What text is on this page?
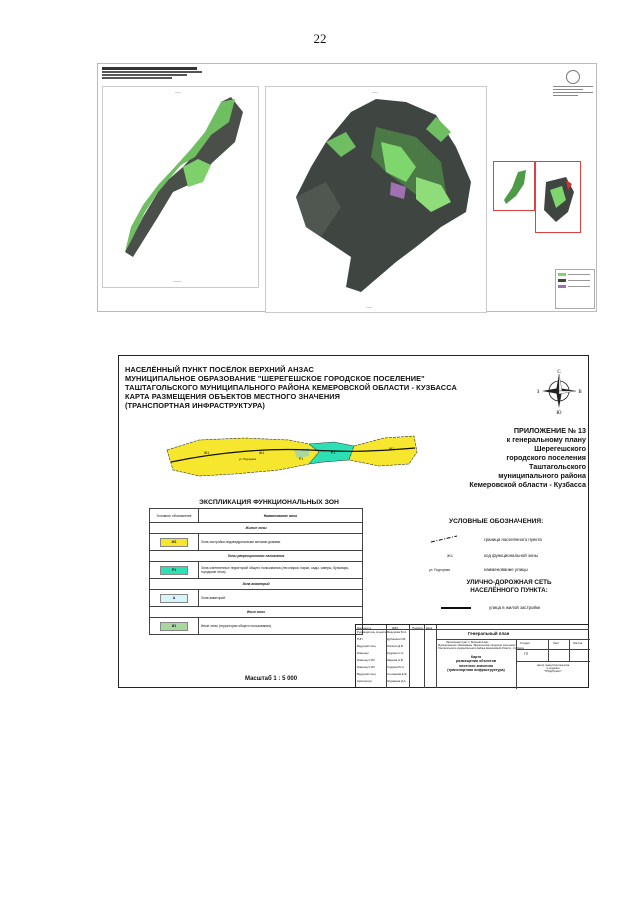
22
——
———
——
——
НАСЕЛЁННЫЙ ПУНКТ ПОСЁЛОК ВЕРХНИЙ АНЗАС
МУНИЦИПАЛЬНОЕ ОБРАЗОВАНИЕ "ШЕРЕГЕШСКОЕ ГОРОДСКОЕ ПОСЕЛЕНИЕ"
ТАШТАГОЛЬСКОГО МУНИЦИПАЛЬНОГО РАЙОНА КЕМЕРОВСКОЙ ОБЛАСТИ - КУЗБАССА
КАРТА РАЗМЕЩЕНИЯ ОБЪЕКТОВ МЕСТНОГО ЗНАЧЕНИЯ
(ТРАНСПОРТНАЯ ИНФРАСТРУКТУРА)
С
Ю
З	В
ПРИЛОЖЕНИЕ № 13
к генеральному плану
Шерегешского
городского поселения
Таштагольского
муниципального района
Кемеровской области - Кузбасса
Ж1	Ж1
Р1
Р1
Ж1
ул. Подгорная
ЭКСПЛИКАЦИЯ ФУНКЦИОНАЛЬНЫХ ЗОН
Условное обозначение	Наименование зоны
Жилые зоны	

Ж1	Зона застройки индивидуальными жилыми домами.
Зоны рекреационного назначения	

Р1	Зона озелененных территорий общего пользования (лесопарки, парки, сады, скверы, бульвары, городские леса).
Зона акваторий	

А	Зона акваторий.
Иные зоны	

И1	Иные зоны (территории общего пользования).
УСЛОВНЫЕ ОБОЗНАЧЕНИЯ:
граница населённого пункта
Ж1	код функциональной зоны
ул. Подгорная	наименование улицы
УЛИЧНО-ДОРОЖНАЯ СЕТЬ
НАСЕЛЁННОГО ПУНКТА:
улица в жилой застройке
Масштаб 1 : 5 000
Должность	ФИО	Подпись Дата
Руководитель проекта Федорова Ю.А.
ГИП	Дубинина И.В.
Ведущий спец.	Лопатко Д.В.
Инженер	Кудрина С.А.
Инженер ГИС	Шарова Н.В.
Инженер ГИС	Гордина Ю.С.
Ведущий спец.	Степанова Е.Ф.
Архитектор	Журавлев Д.А.
Генеральный план
Населённый пункт п. Верхний Анзас
Муниципальное образование "Шерегешское городское поселение"
Таштагольского муниципального района Кемеровской области - Кузбасса
Карта
размещения объектов
местного значения
(транспортная инфраструктура)
Стадия	Лист	Листов
ГП
Центр градостроительства
и геодезии
"ГРАД-Проект"
